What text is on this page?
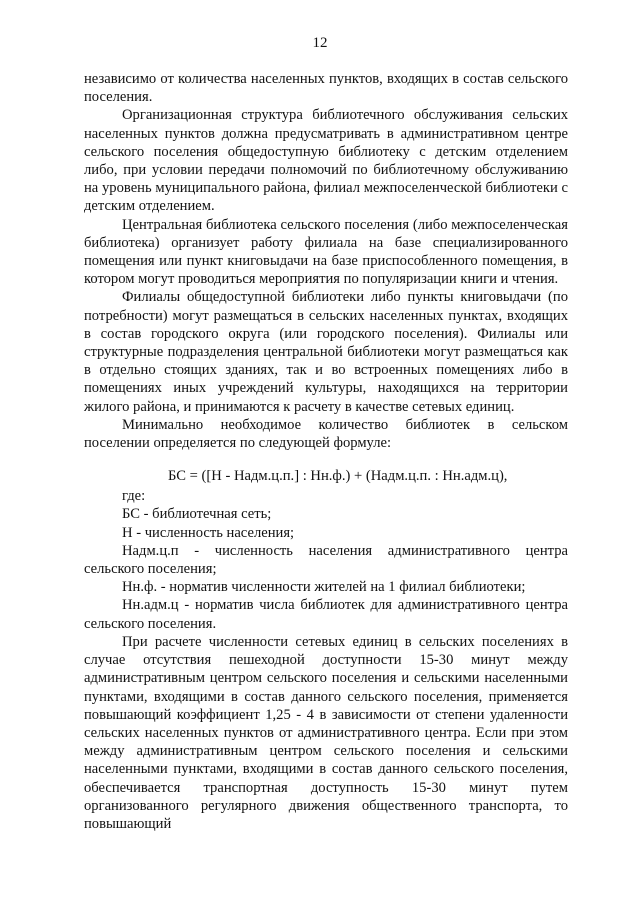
12

независимо от количества населенных пунктов, входящих в состав сельского поселения.

Организационная структура библиотечного обслуживания сельских населенных пунктов должна предусматривать в административном центре сельского поселения общедоступную библиотеку с детским отделением либо, при условии передачи полномочий по библиотечному обслуживанию на уровень муниципального района, филиал межпоселенческой библиотеки с детским отделением.

Центральная библиотека сельского поселения (либо межпоселенческая библиотека) организует работу филиала на базе специализированного помещения или пункт книговыдачи на базе приспособленного помещения, в котором могут проводиться мероприятия по популяризации книги и чтения.

Филиалы общедоступной библиотеки либо пункты книговыдачи (по потребности) могут размещаться в сельских населенных пунктах, входящих в состав городского округа (или городского поселения). Филиалы или структурные подразделения центральной библиотеки могут размещаться как в отдельно стоящих зданиях, так и во встроенных помещениях либо в помещениях иных учреждений культуры, находящихся на территории жилого района, и принимаются к расчету в качестве сетевых единиц.

Минимально необходимое количество библиотек в сельском поселении определяется по следующей формуле:

БС = ([Н - Надм.ц.п.] : Нн.ф.) + (Надм.ц.п. : Нн.адм.ц),

где:

БС - библиотечная сеть;

Н - численность населения;

Надм.ц.п - численность населения административного центра сельского поселения;

Нн.ф. - норматив численности жителей на 1 филиал библиотеки;

Нн.адм.ц - норматив числа библиотек для административного центра сельского поселения.

При расчете численности сетевых единиц в сельских поселениях в случае отсутствия пешеходной доступности 15-30 минут между административным центром сельского поселения и сельскими населенными пунктами, входящими в состав данного сельского поселения, применяется повышающий коэффициент 1,25 - 4 в зависимости от степени удаленности сельских населенных пунктов от административного центра. Если при этом между административным центром сельского поселения и сельскими населенными пунктами, входящими в состав данного сельского поселения, обеспечивается транспортная доступность 15-30 минут путем организованного регулярного движения общественного транспорта, то повышающий
